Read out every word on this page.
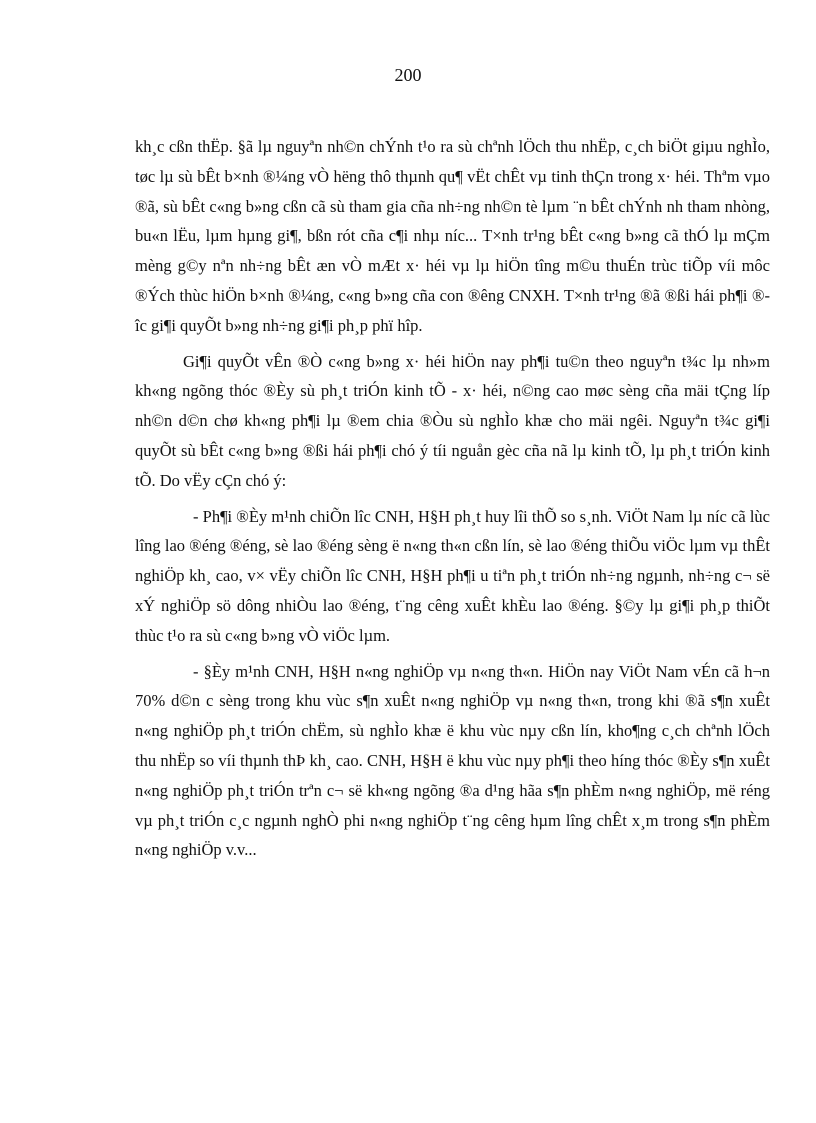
200

kh¸c cßn thËp. §ã lµ nguyªn nh©n chÝnh t¹o ra sù chªnh lÖch thu nhËp, c¸ch biÖt giµu nghÌo, tøc lµ sù bÊt b×nh ®¼ng vÒ hëng thô thµnh qu¶ vËt chÊt vµ tinh thÇn trong x· héi. Thªm vµo ®ã, sù bÊt c«ng b»ng cßn cã sù tham gia cña nh÷ng nh©n tè lµm ¨n bÊt chÝnh nh tham nhòng, bu«n lËu, lµm hµng gi¶, bßn rót cña c¶i nhµ níc... T×nh tr¹ng bÊt c«ng b»ng cã thÓ lµ mÇm mèng g©y nªn nh÷ng bÊt æn vÒ mÆt x· héi vµ lµ hiÖn tîng m©u thuÉn trùc tiÕp víi môc ®Ých thùc hiÖn b×nh ®¼ng, c«ng b»ng cña con ®êng CNXH. T×nh tr¹ng ®ã ®ßi hái ph¶i ®îc gi¶i quyÕt b»ng nh÷ng gi¶i ph¸p phï hîp.

Gi¶i quyÕt vÊn ®Ò c«ng b»ng x· héi hiÖn nay ph¶i tu©n theo nguyªn t¾c lµ nh»m kh«ng ngõng thóc ®Èy sù ph¸t triÓn kinh tÕ - x· héi, n©ng cao møc sèng cña mäi tÇng líp nh©n d©n chø kh«ng ph¶i lµ ®em chia ®Òu sù nghÌo khæ cho mäi ngêi. Nguyªn t¾c gi¶i quyÕt sù bÊt c«ng b»ng ®ßi hái ph¶i chó ý tíi nguån gèc cña nã lµ kinh tÕ, lµ ph¸t triÓn kinh tÕ. Do vËy cÇn chó ý:

- Ph¶i ®Èy m¹nh chiÕn lîc CNH, H§H ph¸t huy lîi thÕ so s¸nh. ViÖt Nam lµ níc cã lùc lîng lao ®éng ®éng, sè lao ®éng sèng ë n«ng th«n cßn lín, sè lao ®éng thiÕu viÖc lµm vµ thÊt nghiÖp kh¸ cao, v× vËy chiÕn lîc CNH, H§H ph¶i u tiªn ph¸t triÓn nh÷ng ngµnh, nh÷ng c¬ së xÝ nghiÖp sö dông nhiÒu lao ®éng, t¨ng cêng xuÊt khÈu lao ®éng. §©y lµ gi¶i ph¸p thiÕt thùc t¹o ra sù c«ng b»ng vÒ viÖc lµm.

- §Èy m¹nh CNH, H§H n«ng nghiÖp vµ n«ng th«n. HiÖn nay ViÖt Nam vÉn cã h¬n 70% d©n c sèng trong khu vùc s¶n xuÊt n«ng nghiÖp vµ n«ng th«n, trong khi ®ã s¶n xuÊt n«ng nghiÖp ph¸t triÓn chËm, sù nghÌo khæ ë khu vùc nµy cßn lín, kho¶ng c¸ch chªnh lÖch thu nhËp so víi thµnh thÞ kh¸ cao. CNH, H§H ë khu vùc nµy ph¶i theo híng thóc ®Èy s¶n xuÊt n«ng nghiÖp ph¸t triÓn trªn c¬ së kh«ng ngõng ®a d¹ng hãa s¶n phÈm n«ng nghiÖp, më réng vµ ph¸t triÓn c¸c ngµnh nghÒ phi n«ng nghiÖp t¨ng cêng hµm lîng chÊt x¸m trong s¶n phÈm n«ng nghiÖp v.v...
